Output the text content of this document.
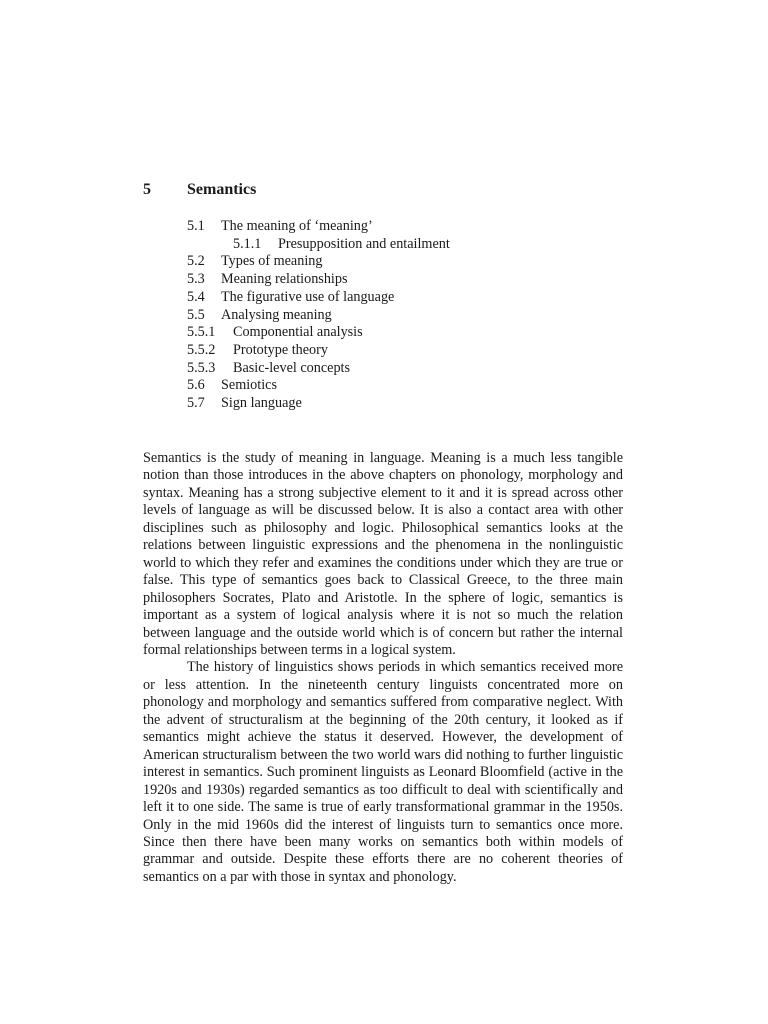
5 Semantics
5.1 The meaning of ‘meaning’
5.1.1 Presupposition and entailment
5.2 Types of meaning
5.3 Meaning relationships
5.4 The figurative use of language
5.5 Analysing meaning
5.5.1 Componential analysis
5.5.2 Prototype theory
5.5.3 Basic-level concepts
5.6 Semiotics
5.7 Sign language

Semantics is the study of meaning in language. Meaning is a much less tangible notion than those introduces in the above chapters on phonology, morphology and syntax. Meaning has a strong subjective element to it and it is spread across other levels of language as will be discussed below. It is also a contact area with other disciplines such as philosophy and logic. Philosophical semantics looks at the relations between linguistic expressions and the phenomena in the nonlinguistic world to which they refer and examines the conditions under which they are true or false. This type of semantics goes back to Classical Greece, to the three main philosophers Socrates, Plato and Aristotle. In the sphere of logic, semantics is important as a system of logical analysis where it is not so much the relation between language and the outside world which is of concern but rather the internal formal relationships between terms in a logical system.

The history of linguistics shows periods in which semantics received more or less attention. In the nineteenth century linguists concentrated more on phonology and morphology and semantics suffered from comparative neglect. With the advent of structuralism at the beginning of the 20th century, it looked as if semantics might achieve the status it deserved. However, the development of American structuralism between the two world wars did nothing to further linguistic interest in semantics. Such prominent linguists as Leonard Bloomfield (active in the 1920s and 1930s) regarded semantics as too difficult to deal with scientifically and left it to one side. The same is true of early transformational grammar in the 1950s. Only in the mid 1960s did the interest of linguists turn to semantics once more. Since then there have been many works on semantics both within models of grammar and outside. Despite these efforts there are no coherent theories of semantics on a par with those in syntax and phonology.
